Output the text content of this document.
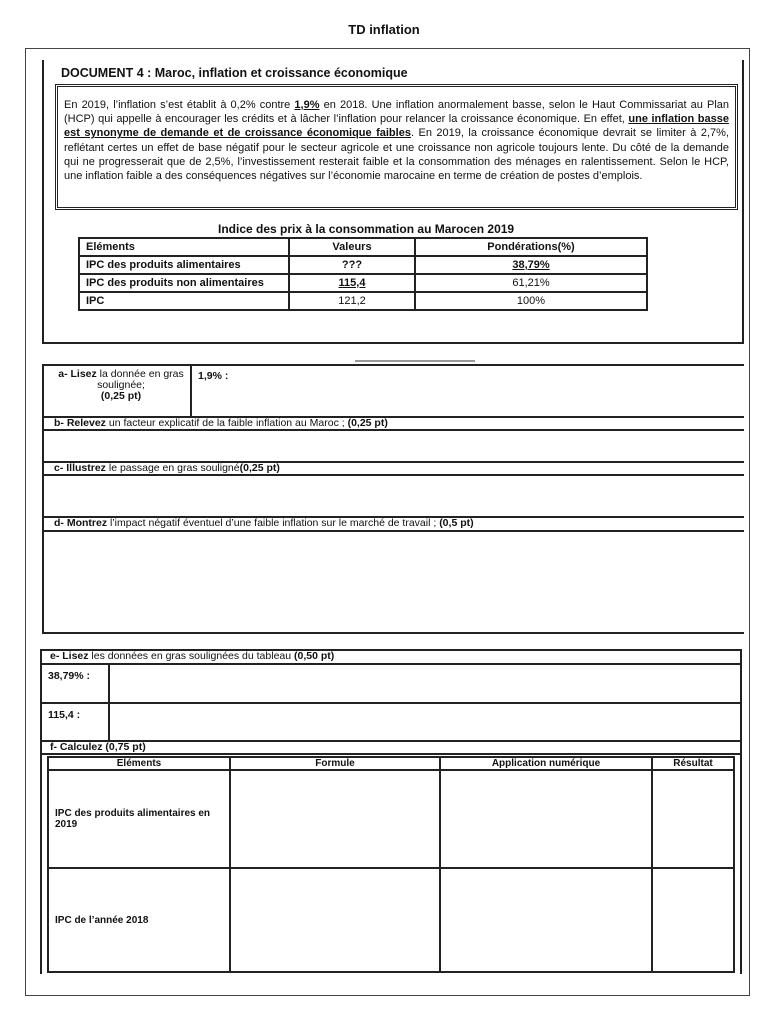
TD inflation
DOCUMENT 4 : Maroc, inflation et croissance économique

En 2019, l’inflation s’est établit à 0,2% contre 1,9% en 2018. Une inflation anormalement basse, selon le Haut Commissariat au Plan (HCP) qui appelle à encourager les crédits et à lâcher l’inflation pour relancer la croissance économique. En effet, une inflation basse est synonyme de demande et de croissance économique faibles. En 2019, la croissance économique devrait se limiter à 2,7%, reflétant certes un effet de base négatif pour le secteur agricole et une croissance non agricole toujours lente. Du côté de la demande qui ne progresserait que de 2,5%, l’investissement resterait faible et la consommation des ménages en ralentissement. Selon le HCP, une inflation faible a des conséquences négatives sur l’économie marocaine en terme de création de postes d’emplois.

Indice des prix à la consommation au Marocen 2019
Eléments	Valeurs	Pondérations(%)
IPC des produits alimentaires	???	38,79%
IPC des produits non alimentaires	115,4	61,21%
IPC	121,2	100%
a- Lisez la donnée en gras soulignée;
(0,25 pt)
1,9% :
b- Relevez un facteur explicatif de la faible inflation au Maroc ; (0,25 pt)
c- Illustrez le passage en gras souligné(0,25 pt)
d- Montrez l’impact négatif éventuel d’une faible inflation sur le marché de travail ; (0,5 pt)
e- Lisez les données en gras soulignées du tableau (0,50 pt)
38,79% :
115,4 :
f- Calculez (0,75 pt)
Eléments	Formule	Application numérique	Résultat
IPC des produits alimentaires en 2019			
IPC de l’année 2018			
